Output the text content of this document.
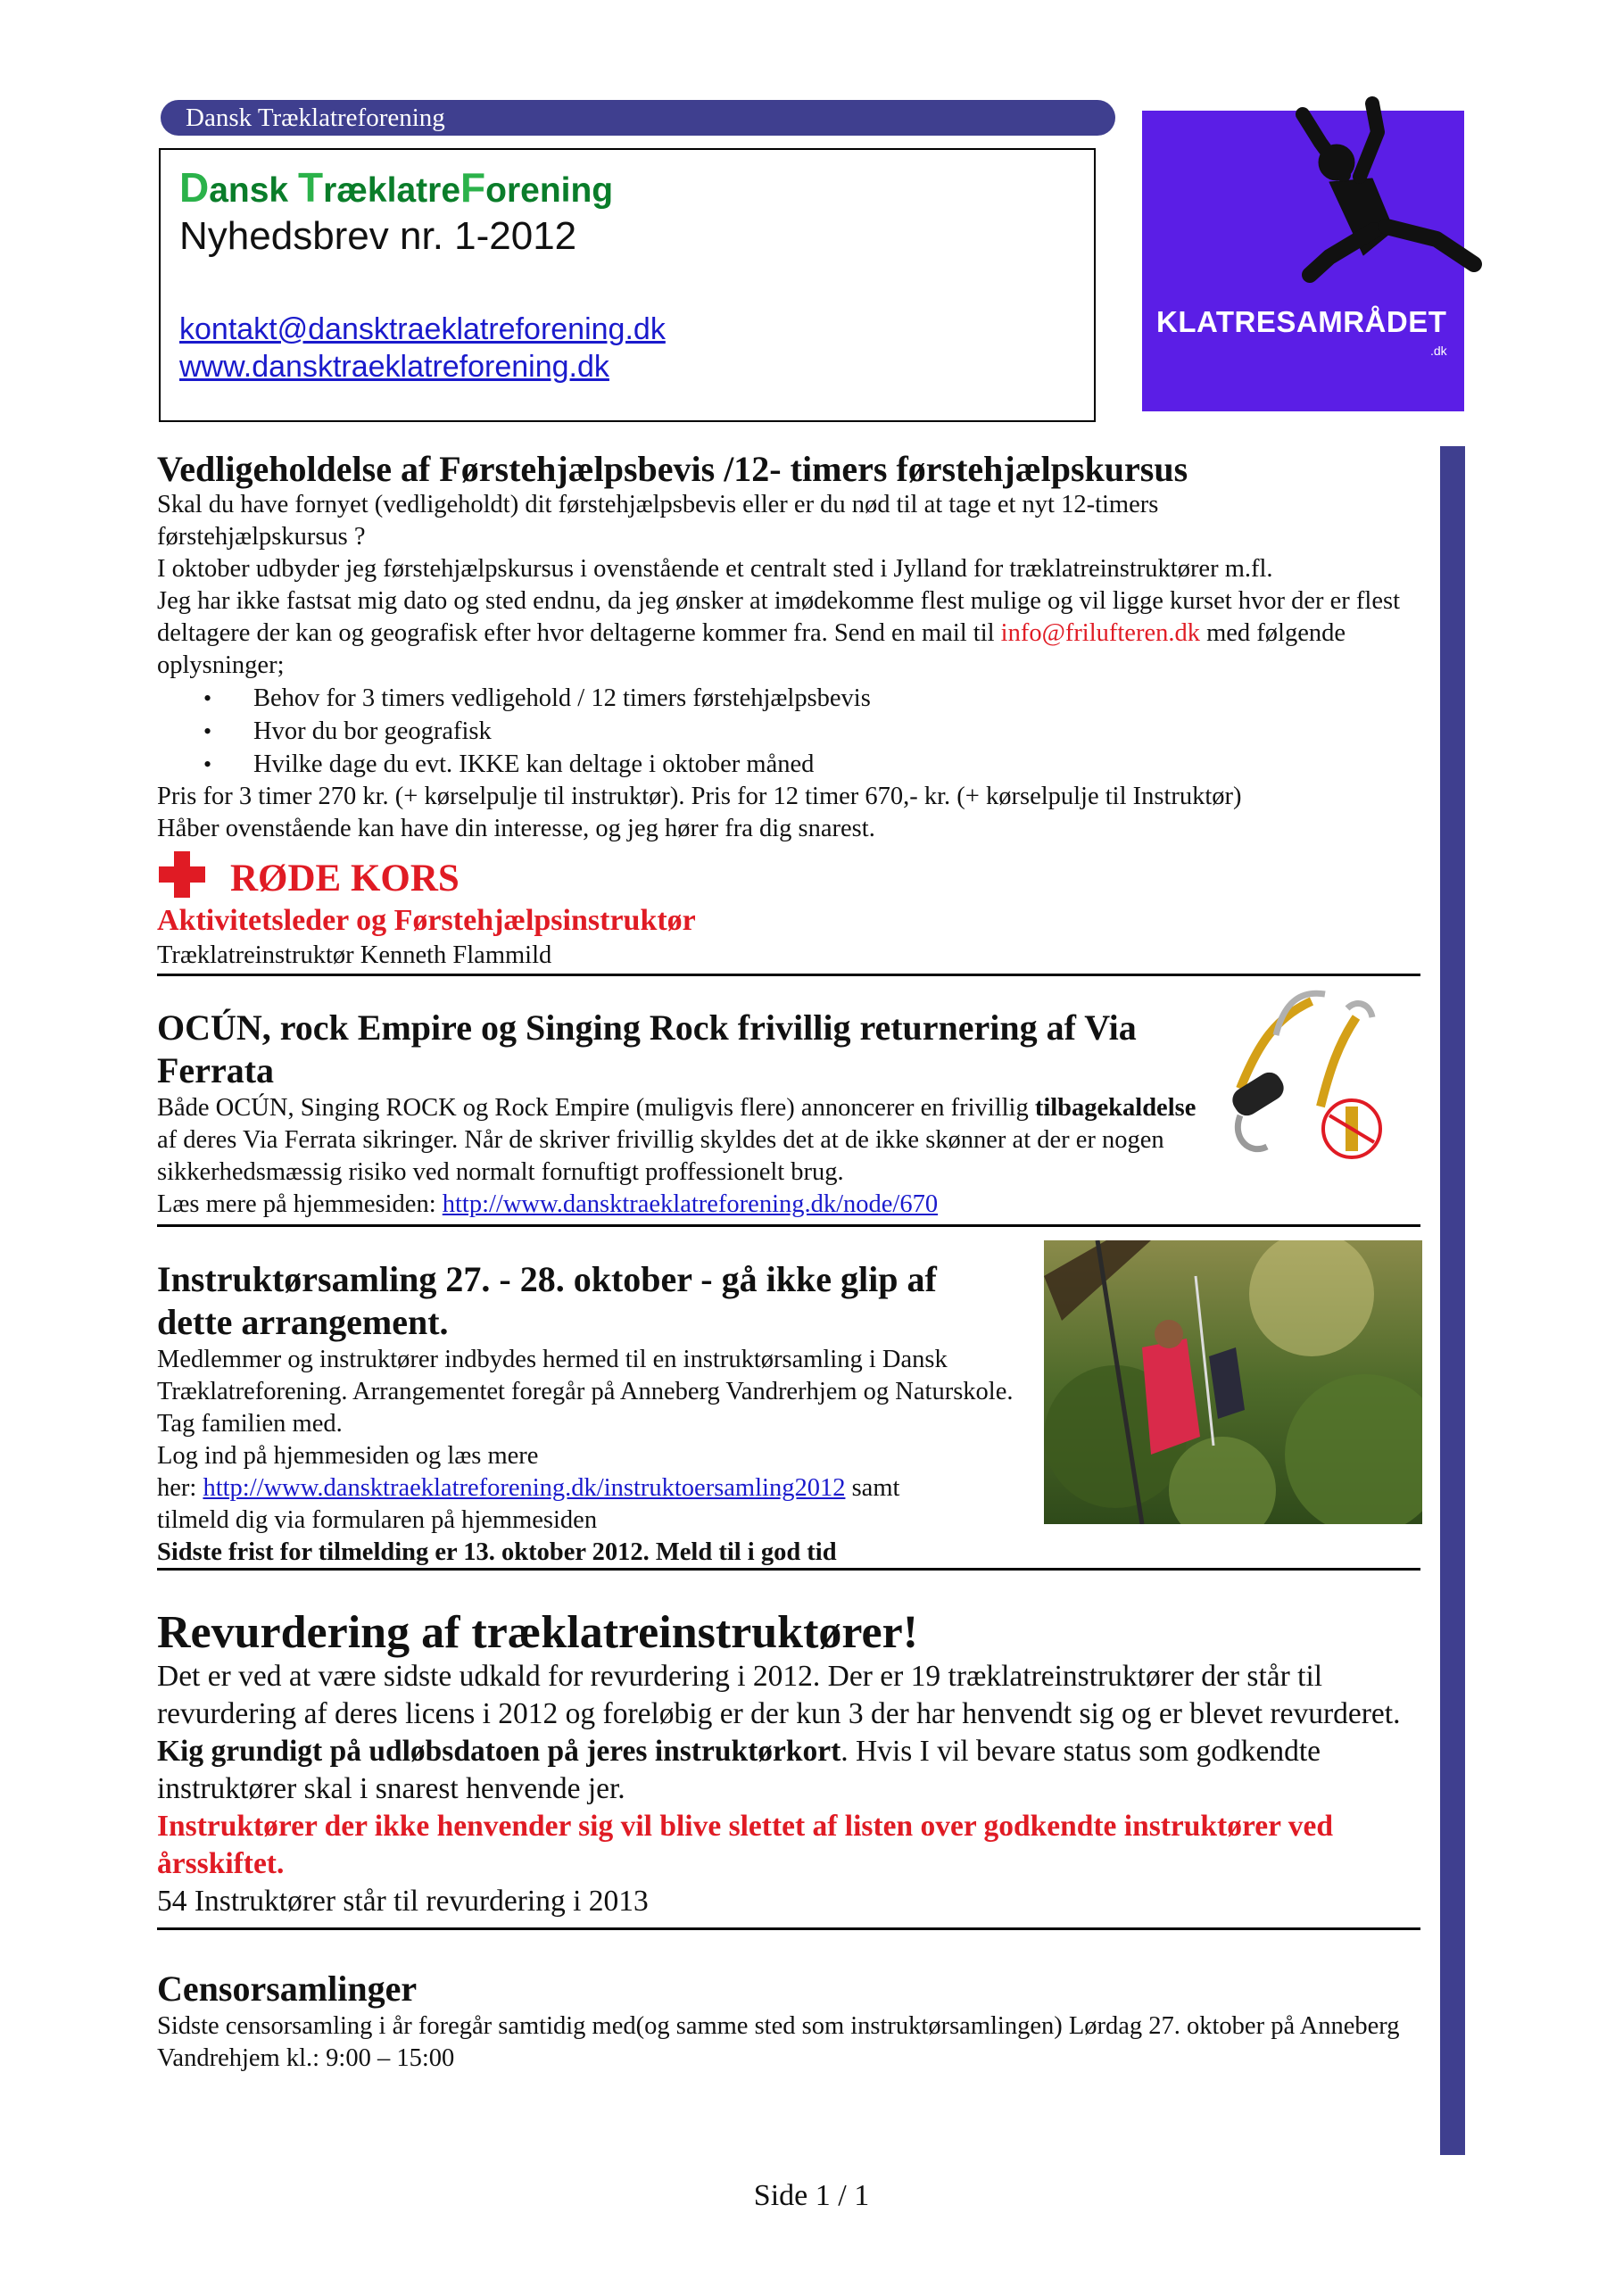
Dansk Træklatreforening
Dansk TræklatreForening
Nyhedsbrev nr. 1-2012
kontakt@dansktraeklatreforening.dk
www.dansktraeklatreforening.dk
KLATRESAMRÅDET
.dk
Vedligeholdelse af Førstehjælpsbevis /12- timers førstehjælpskursus

Skal du have fornyet (vedligeholdt) dit førstehjælpsbevis eller er du nød til at tage et nyt 12-timers førstehjælpskursus ?

I oktober udbyder jeg førstehjælpskursus i ovenstående et centralt sted i Jylland for træklatreinstruktører m.fl.

Jeg har ikke fastsat mig dato og sted endnu, da jeg ønsker at imødekomme flest mulige og vil ligge kurset hvor der er flest deltagere der kan og geografisk efter hvor deltagerne kommer fra. Send en mail til info@frilufteren.dk med følgende oplysninger;

• Behov for 3 timers vedligehold / 12 timers førstehjælpsbevis
• Hvor du bor geografisk
• Hvilke dage du evt. IKKE kan deltage i oktober måned

Pris for 3 timer 270 kr. (+ kørselpulje til instruktør). Pris for 12 timer 670,- kr. (+ kørselpulje til Instruktør)

Håber ovenstående kan have din interesse, og jeg hører fra dig snarest.

RØDE KORS
Aktivitetsleder og Førstehjælpsinstruktør
Træklatreinstruktør Kenneth Flammild
OCÚN, rock Empire og Singing Rock frivillig returnering af Via Ferrata

Både OCÚN, Singing ROCK og Rock Empire (muligvis flere) annoncerer en frivillig tilbagekaldelse af deres Via Ferrata sikringer. Når de skriver frivillig skyldes det at de ikke skønner at der er nogen sikkerhedsmæssig risiko ved normalt fornuftigt proffessionelt brug.

Læs mere på hjemmesiden: http://www.dansktraeklatreforening.dk/node/670

Instruktørsamling 27. - 28. oktober - gå ikke glip af dette arrangement.

Medlemmer og instruktører indbydes hermed til en instruktørsamling i Dansk Træklatreforening. Arrangementet foregår på Anneberg Vandrerhjem og Naturskole. Tag familien med.

Log ind på hjemmesiden og læs mere

her: http://www.dansktraeklatreforening.dk/instruktoersamling2012 samt

tilmeld dig via formularen på hjemmesiden

Sidste frist for tilmelding er 13. oktober 2012. Meld til i god tid

Revurdering af træklatreinstruktører!

Det er ved at være sidste udkald for revurdering i 2012. Der er 19 træklatreinstruktører der står til revurdering af deres licens i 2012 og foreløbig er der kun 3 der har henvendt sig og er blevet revurderet. Kig grundigt på udløbsdatoen på jeres instruktørkort. Hvis I vil bevare status som godkendte instruktører skal i snarest henvende jer.

Instruktører der ikke henvender sig vil blive slettet af listen over godkendte instruktører ved årsskiftet.

54 Instruktører står til revurdering i 2013

Censorsamlinger

Sidste censorsamling i år foregår samtidig med(og samme sted som instruktørsamlingen) Lørdag 27. oktober på Anneberg Vandrehjem kl.: 9:00 – 15:00

Side 1 / 1
